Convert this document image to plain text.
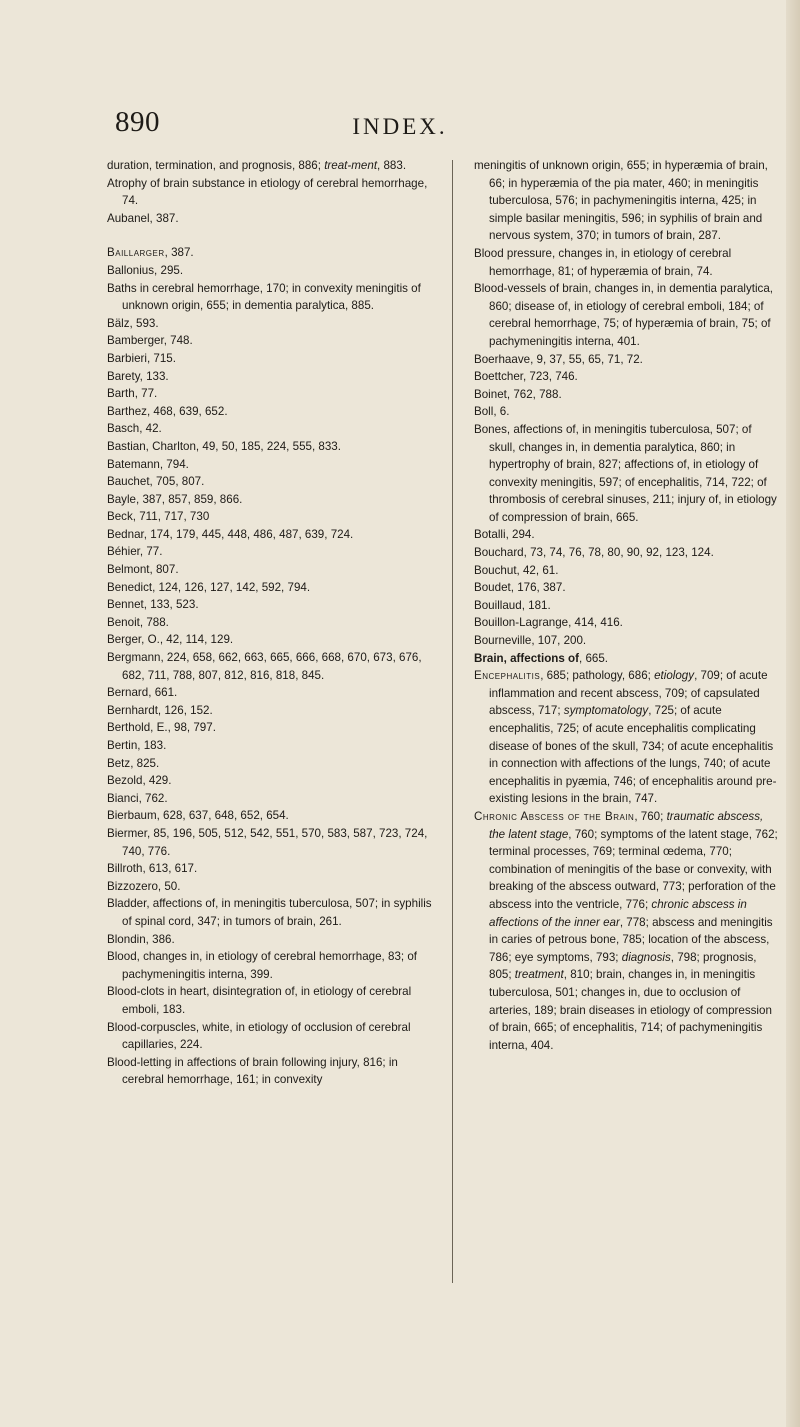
890	INDEX.

duration, termination, and prognosis, 886; treat-ment, 883.

Atrophy of brain substance in etiology of cerebral hemorrhage, 74.

Aubanel, 387.

Baillarger, 387.

Ballonius, 295.

Baths in cerebral hemorrhage, 170; in convexity meningitis of unknown origin, 655; in dementia paralytica, 885.

Bälz, 593.

Bamberger, 748.

Barbieri, 715.

Barety, 133.

Barth, 77.

Barthez, 468, 639, 652.

Basch, 42.

Bastian, Charlton, 49, 50, 185, 224, 555, 833.

Batemann, 794.

Bauchet, 705, 807.

Bayle, 387, 857, 859, 866.

Beck, 711, 717, 730

Bednar, 174, 179, 445, 448, 486, 487, 639, 724.

Béhier, 77.

Belmont, 807.

Benedict, 124, 126, 127, 142, 592, 794.

Bennet, 133, 523.

Benoit, 788.

Berger, O., 42, 114, 129.

Bergmann, 224, 658, 662, 663, 665, 666, 668, 670, 673, 676, 682, 711, 788, 807, 812, 816, 818, 845.

Bernard, 661.

Bernhardt, 126, 152.

Berthold, E., 98, 797.

Bertin, 183.

Betz, 825.

Bezold, 429.

Bianci, 762.

Bierbaum, 628, 637, 648, 652, 654.

Biermer, 85, 196, 505, 512, 542, 551, 570, 583, 587, 723, 724, 740, 776.

Billroth, 613, 617.

Bizzozero, 50.

Bladder, affections of, in meningitis tuberculosa, 507; in syphilis of spinal cord, 347; in tumors of brain, 261.

Blondin, 386.

Blood, changes in, in etiology of cerebral hemorrhage, 83; of pachymeningitis interna, 399.

Blood-clots in heart, disintegration of, in etiology of cerebral emboli, 183.

Blood-corpuscles, white, in etiology of occlusion of cerebral capillaries, 224.

Blood-letting in affections of brain following injury, 816; in cerebral hemorrhage, 161; in convexity

meningitis of unknown origin, 655; in hyperæmia of brain, 66; in hyperæmia of the pia mater, 460; in meningitis tuberculosa, 576; in pachymeningitis interna, 425; in simple basilar meningitis, 596; in syphilis of brain and nervous system, 370; in tumors of brain, 287.

Blood pressure, changes in, in etiology of cerebral hemorrhage, 81; of hyperæmia of brain, 74.

Blood-vessels of brain, changes in, in dementia paralytica, 860; disease of, in etiology of cerebral emboli, 184; of cerebral hemorrhage, 75; of hyperæmia of brain, 75; of pachymeningitis interna, 401.

Boerhaave, 9, 37, 55, 65, 71, 72.

Boettcher, 723, 746.

Boinet, 762, 788.

Boll, 6.

Bones, affections of, in meningitis tuberculosa, 507; of skull, changes in, in dementia paralytica, 860; in hypertrophy of brain, 827; affections of, in etiology of convexity meningitis, 597; of encephalitis, 714, 722; of thrombosis of cerebral sinuses, 211; injury of, in etiology of compression of brain, 665.

Botalli, 294.

Bouchard, 73, 74, 76, 78, 80, 90, 92, 123, 124.

Bouchut, 42, 61.

Boudet, 176, 387.

Bouillaud, 181.

Bouillon-Lagrange, 414, 416.

Bourneville, 107, 200.

Brain, affections of, 665.

Encephalitis, 685; pathology, 686; etiology, 709; of acute inflammation and recent abscess, 709; of capsulated abscess, 717; symptomatology, 725; of acute encephalitis, 725; of acute encephalitis complicating disease of bones of the skull, 734; of acute encephalitis in connection with affections of the lungs, 740; of acute encephalitis in pyæmia, 746; of encephalitis around pre-existing lesions in the brain, 747.

Chronic Abscess of the Brain, 760; traumatic abscess, the latent stage, 760; symptoms of the latent stage, 762; terminal processes, 769; terminal œdema, 770; combination of meningitis of the base or convexity, with breaking of the abscess outward, 773; perforation of the abscess into the ventricle, 776; chronic abscess in affections of the inner ear, 778; abscess and meningitis in caries of petrous bone, 785; location of the abscess, 786; eye symptoms, 793; diagnosis, 798; prognosis, 805; treatment, 810; brain, changes in, in meningitis tuberculosa, 501; changes in, due to occlusion of arteries, 189; brain diseases in etiology of compression of brain, 665; of encephalitis, 714; of pachymeningitis interna, 404.
